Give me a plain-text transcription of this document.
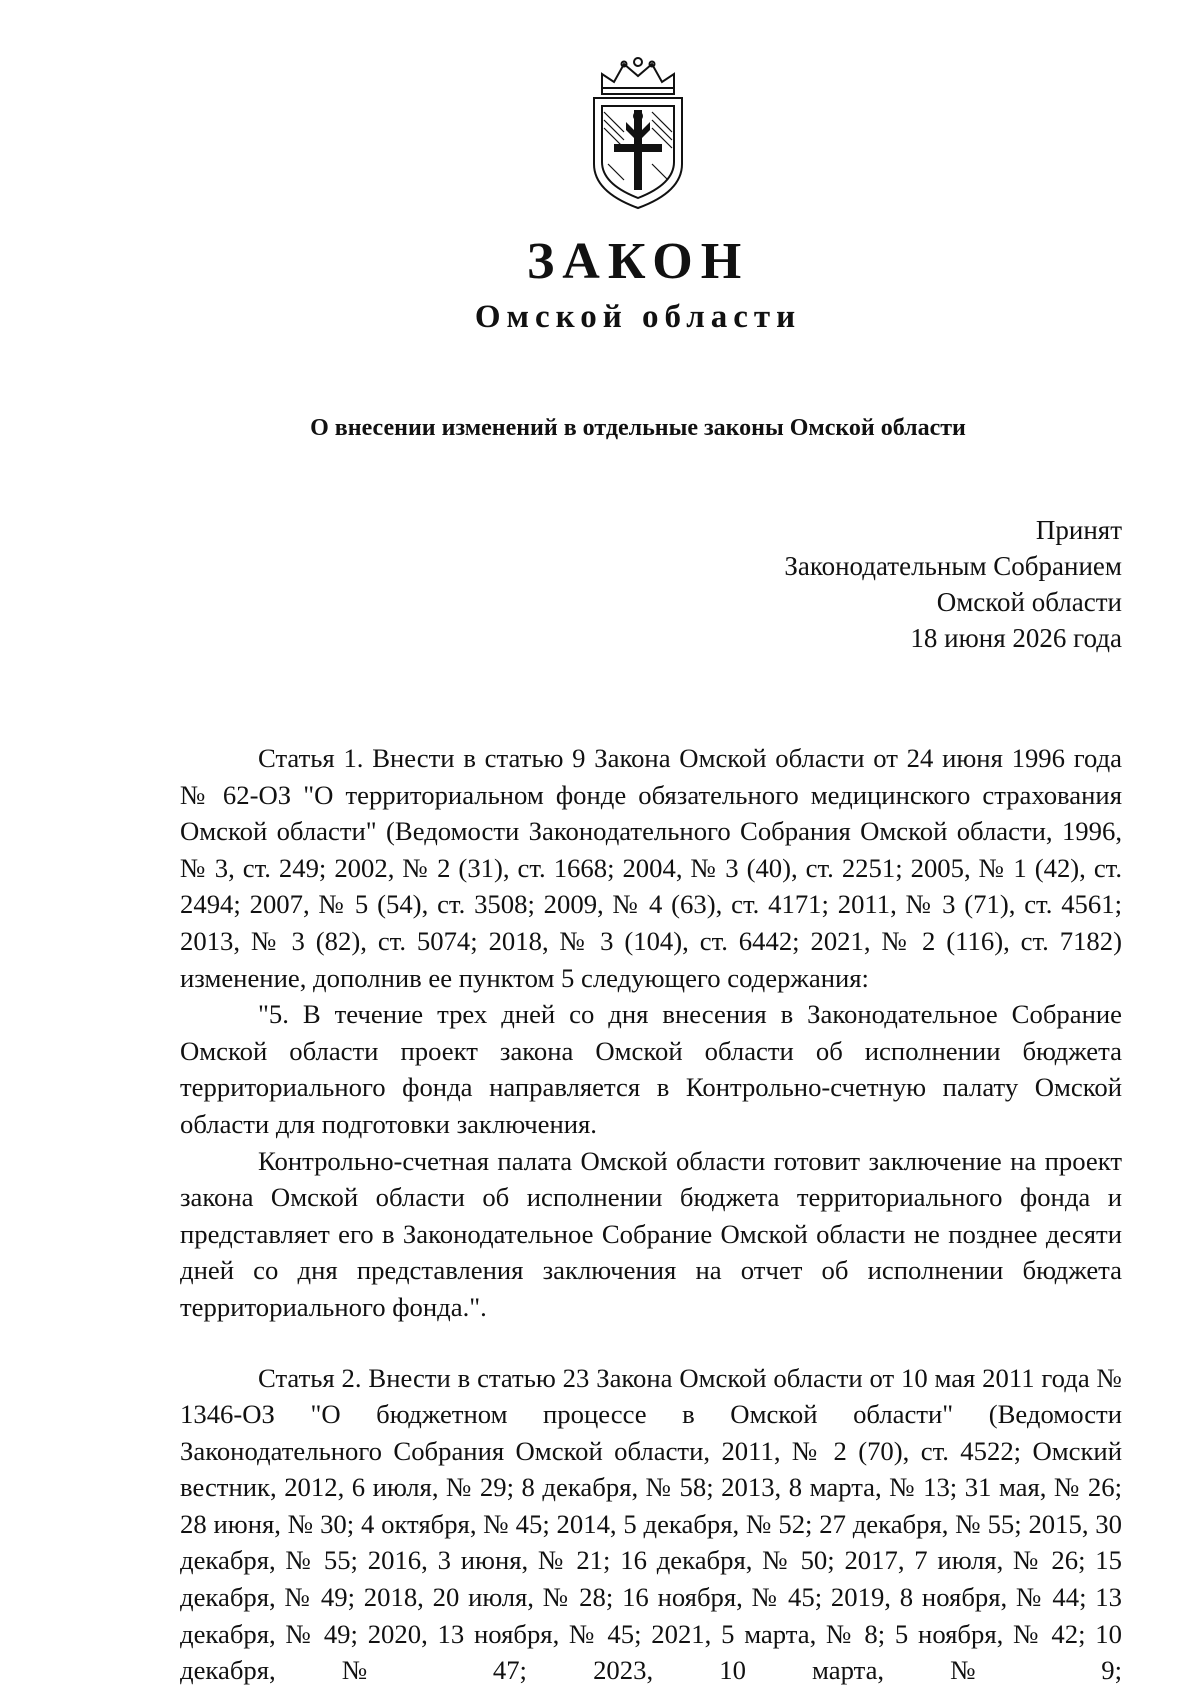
ЗАКОН
Омской области
О внесении изменений в отдельные законы Омской области
Принят
Законодательным Собранием
Омской области
18 июня 2026 года

Статья 1. Внести в статью 9 Закона Омской области от 24 июня 1996 года № 62-ОЗ "О территориальном фонде обязательного медицинского страхования Омской области" (Ведомости Законодательного Собрания Омской области, 1996, № 3, ст. 249; 2002, № 2 (31), ст. 1668; 2004, № 3 (40), ст. 2251; 2005, № 1 (42), ст. 2494; 2007, № 5 (54), ст. 3508; 2009, № 4 (63), ст. 4171; 2011, № 3 (71), ст. 4561; 2013, № 3 (82), ст. 5074; 2018, № 3 (104), ст. 6442; 2021, № 2 (116), ст. 7182) изменение, дополнив ее пунктом 5 следующего содержания:

"5. В течение трех дней со дня внесения в Законодательное Собрание Омской области проект закона Омской области об исполнении бюджета территориального фонда направляется в Контрольно-счетную палату Омской области для подготовки заключения.

Контрольно-счетная палата Омской области готовит заключение на проект закона Омской области об исполнении бюджета территориального фонда и представляет его в Законодательное Собрание Омской области не позднее десяти дней со дня представления заключения на отчет об исполнении бюджета территориального фонда.".

Статья 2. Внести в статью 23 Закона Омской области от 10 мая 2011 года № 1346-ОЗ "О бюджетном процессе в Омской области" (Ведомости Законодательного Собрания Омской области, 2011, № 2 (70), ст. 4522; Омский вестник, 2012, 6 июля, № 29; 8 декабря, № 58; 2013, 8 марта, № 13; 31 мая, № 26; 28 июня, № 30; 4 октября, № 45; 2014, 5 декабря, № 52; 27 декабря, № 55; 2015, 30 декабря, № 55; 2016, 3 июня, № 21; 16 декабря, № 50; 2017, 7 июля, № 26; 15 декабря, № 49; 2018, 20 июля, № 28; 16 ноября, № 45; 2019, 8 ноября, № 44; 13 декабря, № 49; 2020, 13 ноября, № 45; 2021, 5 марта, № 8; 5 ноября, № 42; 10 декабря, № 47; 2023, 10 марта, № 9;
